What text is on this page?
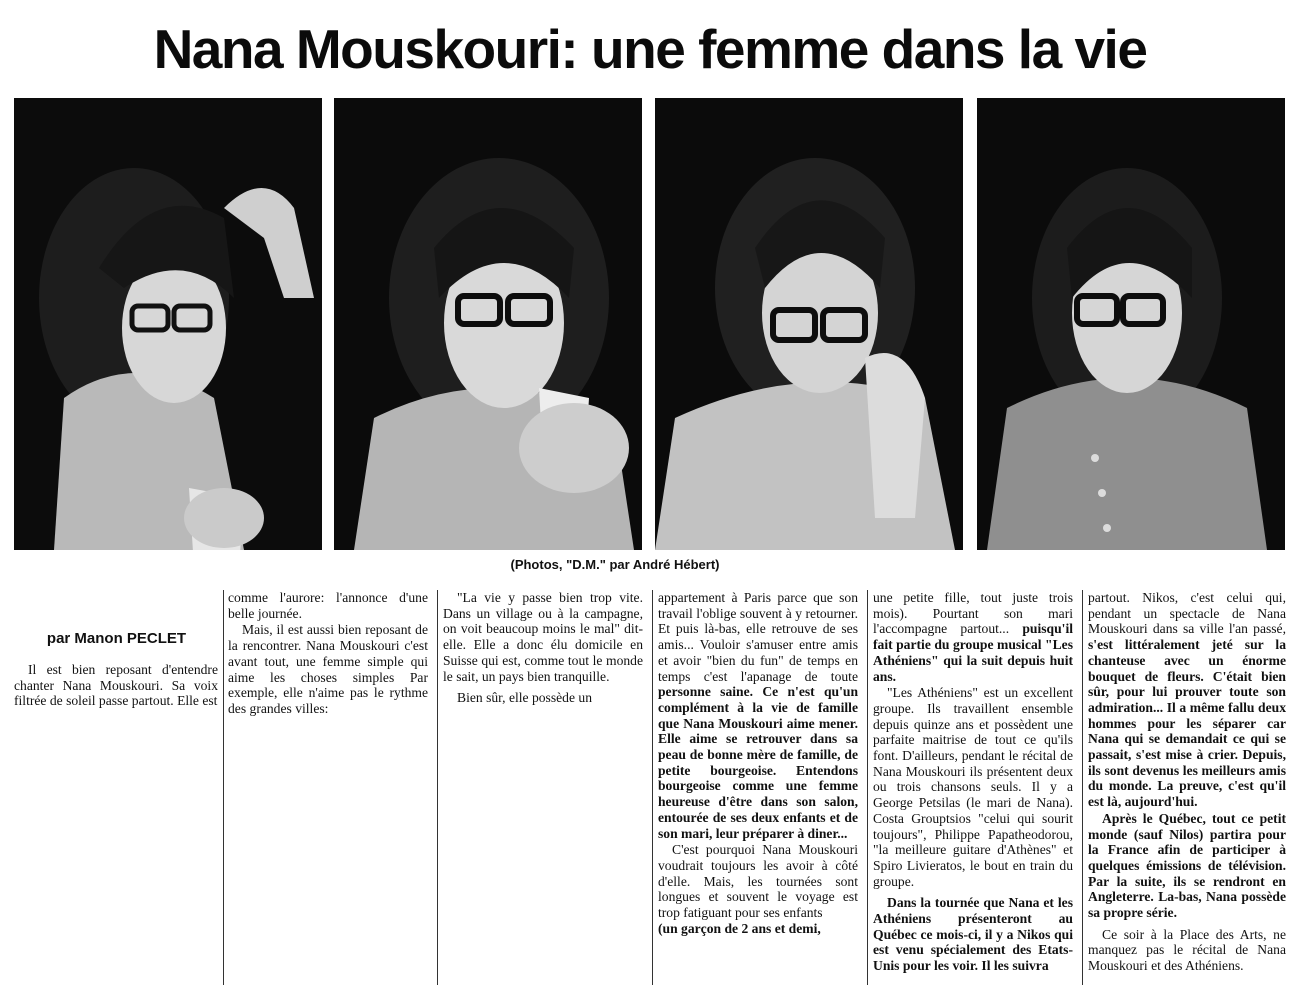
Nana Mouskouri: une femme dans la vie
(Photos, "D.M." par André Hébert)
par Manon PECLET

Il est bien reposant d'entendre chanter Nana Mouskouri. Sa voix filtrée de soleil passe partout. Elle est

comme l'aurore: l'annonce d'une belle journée.

Mais, il est aussi bien reposant de la rencontrer. Nana Mouskouri c'est avant tout, une femme simple qui aime les choses simples Par exemple, elle n'aime pas le rythme des grandes villes:

"La vie y passe bien trop vite. Dans un village ou à la campagne, on voit beaucoup moins le mal" dit-elle. Elle a donc élu domicile en Suisse qui est, comme tout le monde le sait, un pays bien tranquille.

Bien sûr, elle possède un

appartement à Paris parce que son travail l'oblige souvent à y retourner. Et puis là-bas, elle retrouve de ses amis... Vouloir s'amuser entre amis et avoir "bien du fun" de temps en temps c'est l'apanage de toute personne saine. Ce n'est qu'un complément à la vie de famille que Nana Mouskouri aime mener. Elle aime se retrouver dans sa peau de bonne mère de famille, de petite bourgeoise. Entendons bourgeoise comme une femme heureuse d'être dans son salon, entourée de ses deux enfants et de son mari, leur préparer à diner...

C'est pourquoi Nana Mouskouri voudrait toujours les avoir à côté d'elle. Mais, les tournées sont longues et souvent le voyage est trop fatiguant pour ses enfants

(un garçon de 2 ans et demi,

une petite fille, tout juste trois mois). Pourtant son mari l'accompagne partout... puisqu'il fait partie du groupe musical "Les Athéniens" qui la suit depuis huit ans.

"Les Athéniens" est un excellent groupe. Ils travaillent ensemble depuis quinze ans et possèdent une parfaite maitrise de tout ce qu'ils font. D'ailleurs, pendant le récital de Nana Mouskouri ils présentent deux ou trois chansons seuls. Il y a George Petsilas (le mari de Nana). Costa Grouptsios "celui qui sourit toujours", Philippe Papatheodorou, "la meilleure guitare d'Athènes" et Spiro Livieratos, le bout en train du groupe.

Dans la tournée que Nana et les Athéniens présenteront au Québec ce mois-ci, il y a Nikos qui est venu spécialement des Etats-Unis pour les voir. Il les suivra

partout. Nikos, c'est celui qui, pendant un spectacle de Nana Mouskouri dans sa ville l'an passé, s'est littéralement jeté sur la chanteuse avec un énorme bouquet de fleurs. C'était bien sûr, pour lui prouver toute son admiration... Il a même fallu deux hommes pour les séparer car Nana qui se demandait ce qui se passait, s'est mise à crier. Depuis, ils sont devenus les meilleurs amis du monde. La preuve, c'est qu'il est là, aujourd'hui.

Après le Québec, tout ce petit monde (sauf Nilos) partira pour la France afin de participer à quelques émissions de télévision. Par la suite, ils se rendront en Angleterre. La-bas, Nana possède sa propre série.

Ce soir à la Place des Arts, ne manquez pas le récital de Nana Mouskouri et des Athéniens.
